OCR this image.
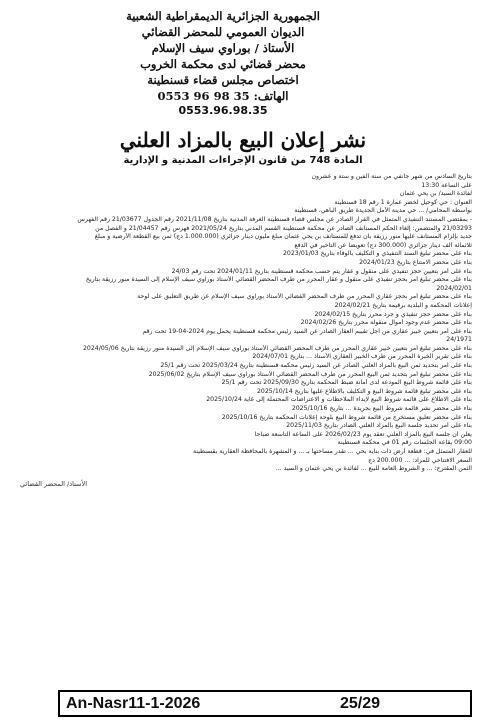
الجمهورية الجزائرية الديمقراطية الشعبية
الديوان العمومي للمحضر القضائي
الأستاذ / بوراوي سيف الإسلام
محضر قضائي لدى محكمة الخروب
اختصاص مجلس قضاء قسنطينة
الهاتف: 35 98 96 0553
0553.96.98.35
نشر إعلان البيع بالمزاد العلني
المادة 748 من قانون الإجراءات المدنية و الإدارية
بتاريخ السادس من شهر جانفي من سنة ألفين و ستة و عشرون
على الساعة 13:30
لفائدة السيد/ بن يحي عثمان
العنوان : حي كوحيل لخضر عمارة 1 رقم 18 قسنطينة
بواسطة المحامي/ ... حي مدينة الأمل الجديدة طريق الباهي، قسنطينة
- بمقتضى المستند التنفيذي المتمثل في القرار الصادر عن مجلس قضاء قسنطينة الغرفة المدنية بتاريخ 2021/11/08 رقم الجدول 21/03677 رقم الفهرس
21/03293 والمتضمن: إلغاء الحكم المستأنف الصادر عن محكمة قسنطينة القسم المدني بتاريخ 2021/05/24 فهرس رقم 21/04457 و الفصل من
جديد بإلزام المستأنف عليها منور رزيقة بأن تدفع للمستأنف بن يحي عثمان مبلغ مليون دينار جزائري (1.000.000 دج) ثمن بيع القطعة الأرضية و مبلغ
ثلاثمائة ألف دينار جزائري (300.000 دج) تعويضا عن التأخير في الدفع
بناء على محضر تبليغ السند التنفيذي و التكليف بالوفاء بتاريخ 2023/01/03
بناء على محضر الامتناع بتاريخ 2024/01/23
بناء على أمر بتعيين حجز تنفيذي على منقول و عقار يتم حسب محكمة قسنطينة بتاريخ 2024/01/11 تحت رقم 24/03
بناء على محضر تبليغ أمر بحجز تنفيذي على منقول و عقار المحرر من طرف المحضر القضائي الأستاذ بوراوي سيف الإسلام إلى السيدة منور رزيقة بتاريخ
2024/02/01
بناء على محضر تبليغ أمر بحجز عقاري المحرر من طرف المحضر القضائي الأستاذ بوراوي سيف الإسلام عن طريق التعليق على لوحة
إعلانات المحكمة و البلدية برقيمة بتاريخ 2024/02/21
بناء على محضر حجز تنفيذي و جرد محرر بتاريخ 2024/02/15
بناء على محضر عدم وجود أموال منقولة محرر بتاريخ 2024/02/26
بناء على أمر بتعيين خبير عقاري من أجل تقييم العقار الصادر عن السيد رئيس محكمة قسنطينة يحمل يوم 2024-04-19 تحت رقم
24/1971
بناء على محضر تبليغ أمر بتعيين خبير عقاري المحرر من طرف المحضر القضائي الأستاذ بوراوي سيف الإسلام إلى السيدة منور رزيقة بتاريخ 2024/05/06
بناء على تقرير الخبرة المحرر من طرف الخبير العقاري الأستاذ ... بتاريخ 2024/07/01
بناء على أمر بتحديد ثمن البيع بالمزاد العلني الصادر عن السيد رئيس محكمة قسنطينة بتاريخ 2025/03/24 تحت رقم 25/1
بناء على محضر تبليغ أمر بتحديد ثمن البيع المحرر من طرف المحضر القضائي الأستاذ بوراوي سيف الإسلام بتاريخ 2025/06/02
بناء على قائمة شروط البيع المودعة لدى أمانة ضبط المحكمة بتاريخ 2025/09/30 تحت رقم 25/1
بناء على محضر تبليغ قائمة شروط البيع و التكليف بالاطلاع عليها بتاريخ 2025/10/14
بناء على الاطلاع على قائمة شروط البيع لإبداء الملاحظات و الاعتراضات المحتملة إلى غاية 2025/10/24
بناء على محضر نشر قائمة شروط البيع بجريدة ... بتاريخ 2025/10/16
بناء على محضر تعليق مستخرج من قائمة شروط البيع بلوحة إعلانات المحكمة بتاريخ 2025/10/16
بناء على أمر تحديد جلسة البيع بالمزاد العلني الصادر بتاريخ 2025/11/03
يعلن أن جلسة البيع بالمزاد العلني تعقد يوم 2026/02/23 على الساعة التاسعة صباحا
09:00 بقاعة الجلسات رقم 01 في محكمة قسنطينة
للعقار المتمثل في: قطعة أرض ذات بناية بحي ... تقدر مساحتها بـ ... و المشهرة بالمحافظة العقارية بقسنطينة
السعر الافتتاحي للمزاد: ... 200.000 دج
الثمن المقترح: ... و الشروط العامة للبيع ... لفائدة بن يحي عثمان و السيد ...
الأستاذ/ المحضر القضائي
An-Nasr11-1-2026	25/29
